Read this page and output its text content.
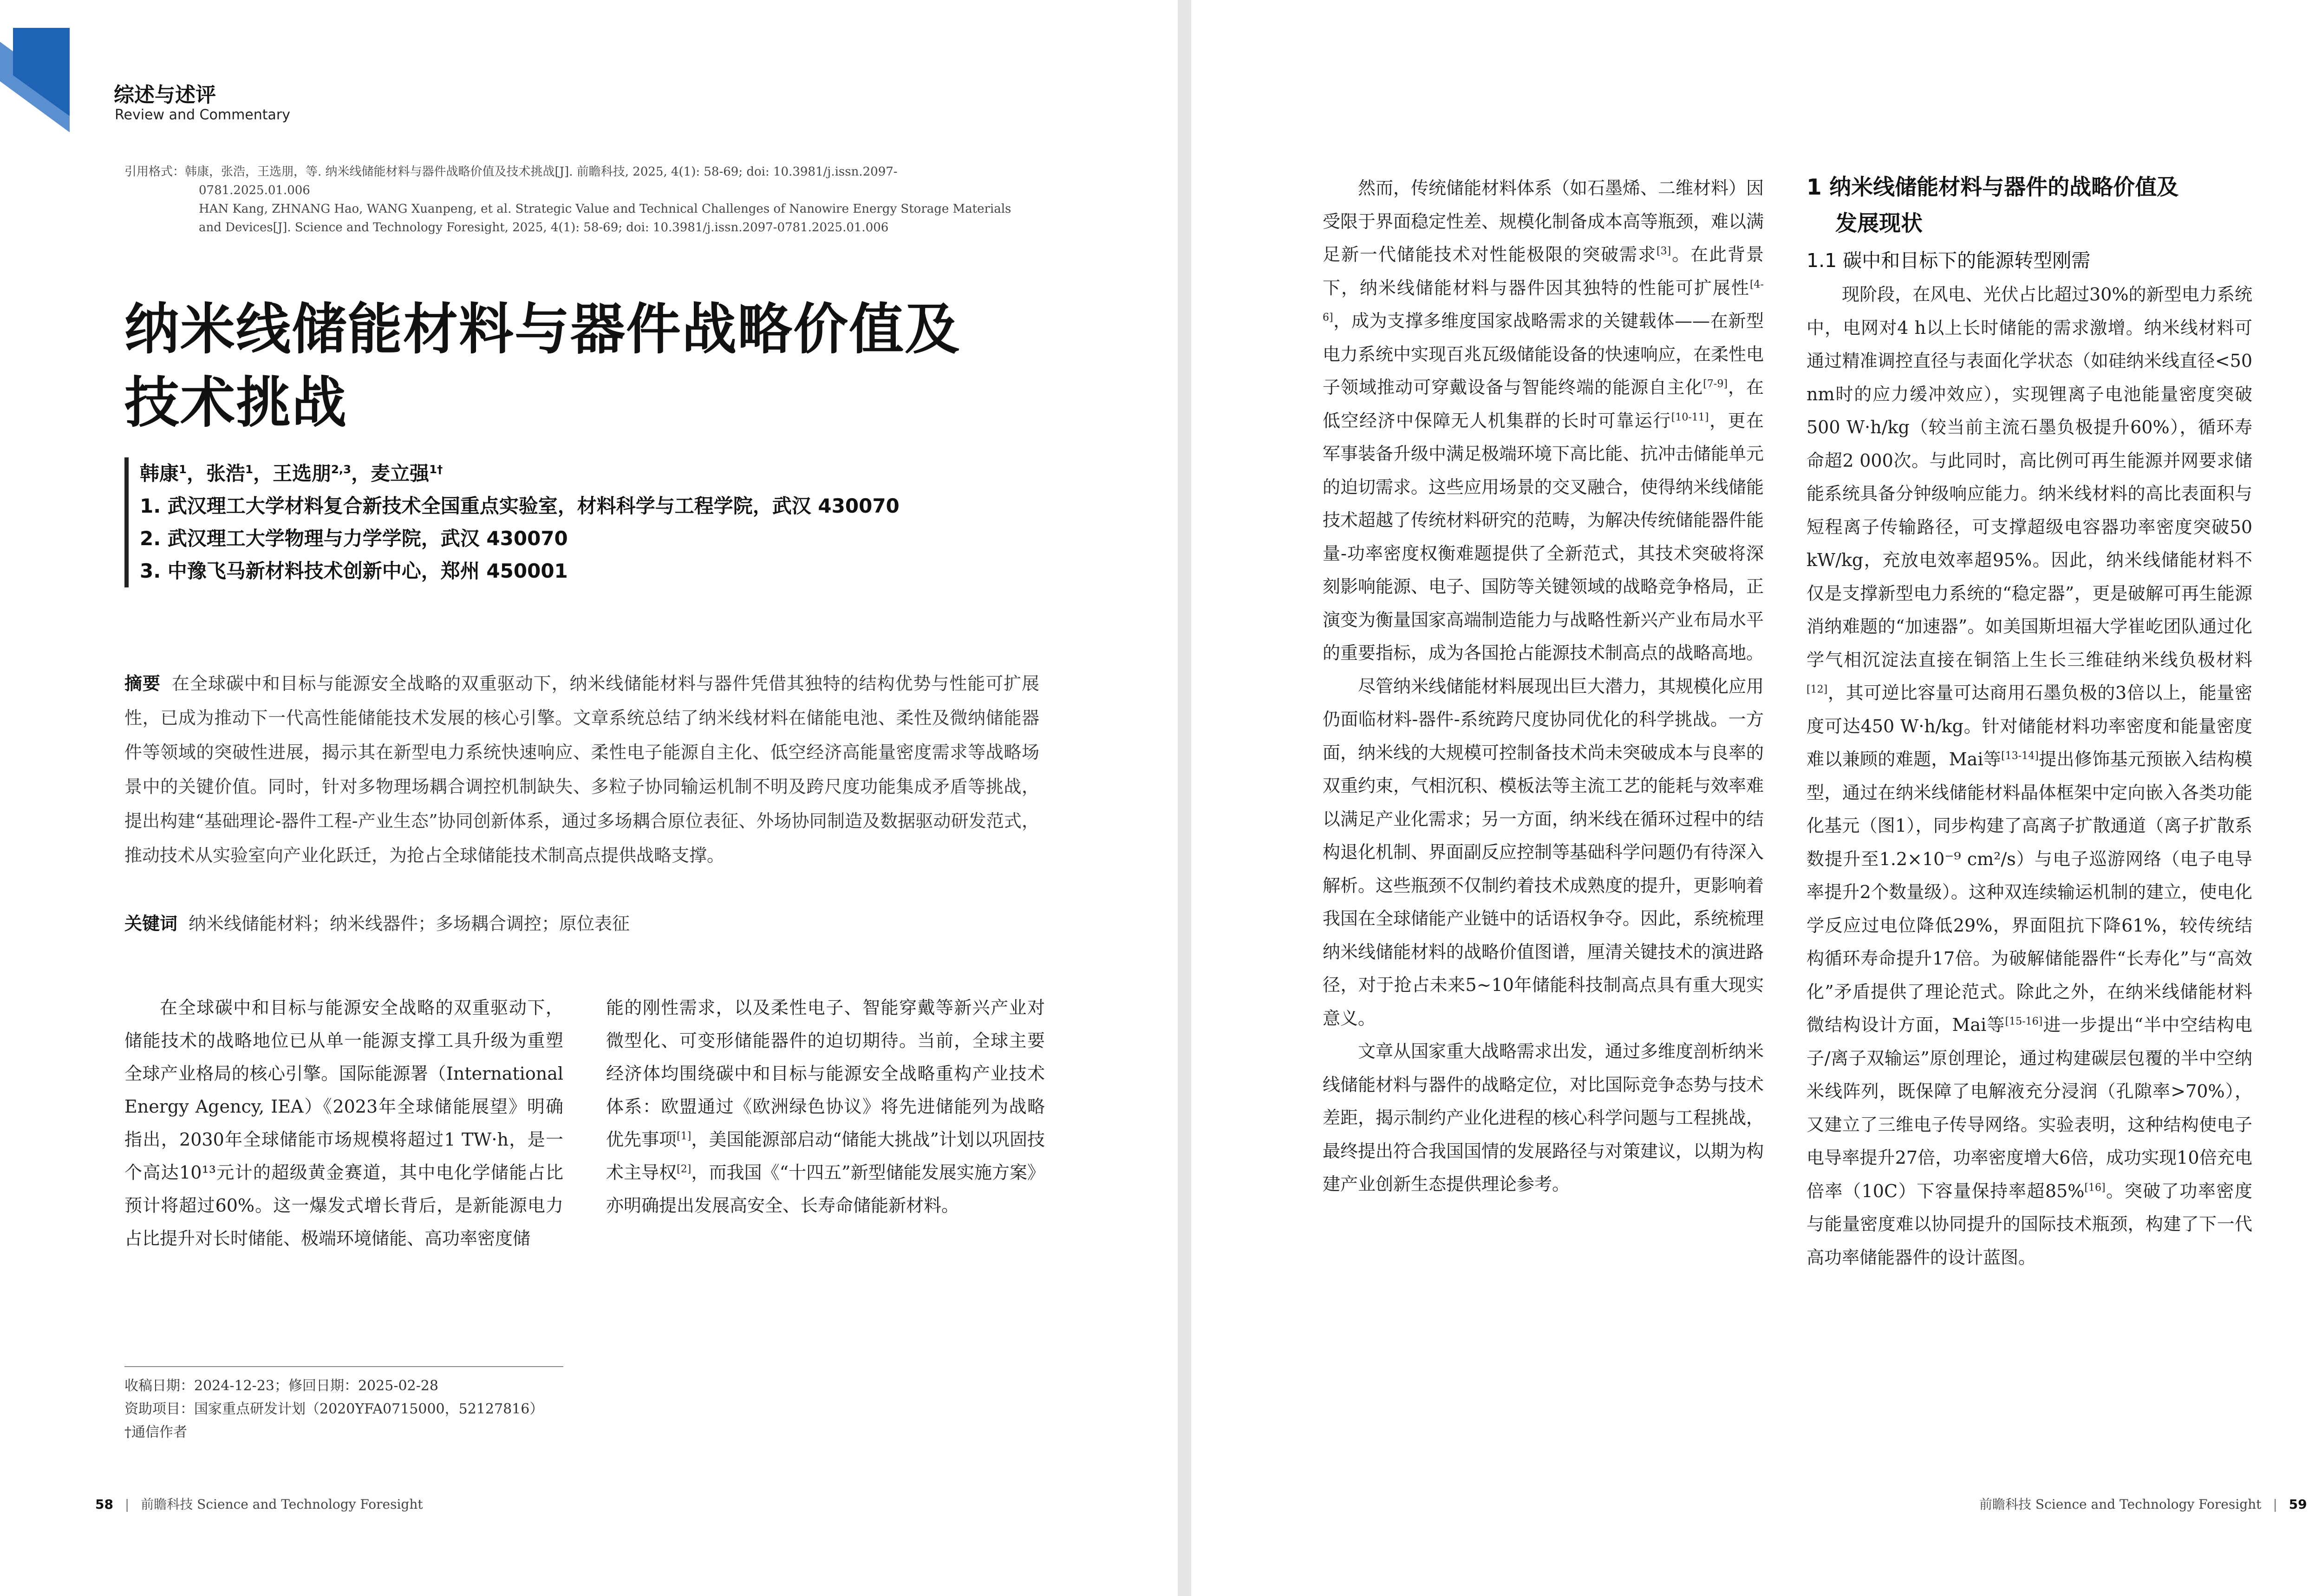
综述与述评
Review and Commentary
引用格式：韩康，张浩，王选朋，等. 纳米线储能材料与器件战略价值及技术挑战[J]. 前瞻科技, 2025, 4(1): 58-69; doi: 10.3981/j.issn.2097-
0781.2025.01.006
HAN Kang, ZHNANG Hao, WANG Xuanpeng, et al. Strategic Value and Technical Challenges of Nanowire Energy Storage Materials
and Devices[J]. Science and Technology Foresight, 2025, 4(1): 58-69; doi: 10.3981/j.issn.2097-0781.2025.01.006
纳米线储能材料与器件战略价值及
技术挑战
韩康$^1$，张浩$^1$，王选朋$^{2,3}$，麦立强$^{1\dagger}$
1. 武汉理工大学材料复合新技术全国重点实验室，材料科学与工程学院，武汉 430070
2. 武汉理工大学物理与力学学院，武汉 430070
3. 中豫飞马新材料技术创新中心，郑州 450001
摘要 在全球碳中和目标与能源安全战略的双重驱动下，纳米线储能材料与器件凭借其独特的结构优势与性能可扩展性，已成为推动下一代高性能储能技术发展的核心引擎。文章系统总结了纳米线材料在储能电池、柔性及微纳储能器件等领域的突破性进展，揭示其在新型电力系统快速响应、柔性电子能源自主化、低空经济高能量密度需求等战略场景中的关键价值。同时，针对多物理场耦合调控机制缺失、多粒子协同输运机制不明及跨尺度功能集成矛盾等挑战，提出构建“基础理论-器件工程-产业生态”协同创新体系，通过多场耦合原位表征、外场协同制造及数据驱动研发范式，推动技术从实验室向产业化跃迁，为抢占全球储能技术制高点提供战略支撑。
关键词 纳米线储能材料；纳米线器件；多场耦合调控；原位表征

在全球碳中和目标与能源安全战略的双重驱动下，储能技术的战略地位已从单一能源支撑工具升级为重塑全球产业格局的核心引擎。国际能源署（International Energy Agency, IEA）《2023年全球储能展望》明确指出，2030年全球储能市场规模将超过1 TW·h，是一个高达10¹³元计的超级黄金赛道，其中电化学储能占比预计将超过60%。这一爆发式增长背后，是新能源电力占比提升对长时储能、极端环境储能、高功率密度储

能的刚性需求，以及柔性电子、智能穿戴等新兴产业对微型化、可变形储能器件的迫切期待。当前，全球主要经济体均围绕碳中和目标与能源安全战略重构产业技术体系：欧盟通过《欧洲绿色协议》将先进储能列为战略优先事项[1]，美国能源部启动“储能大挑战”计划以巩固技术主导权[2]，而我国《“十四五”新型储能发展实施方案》亦明确提出发展高安全、长寿命储能新材料。

收稿日期：2024-12-23；修回日期：2025-02-28
资助项目：国家重点研发计划（2020YFA0715000，52127816）
†通信作者
58 | 前瞻科技 Science and Technology Foresight

然而，传统储能材料体系（如石墨烯、二维材料）因受限于界面稳定性差、规模化制备成本高等瓶颈，难以满足新一代储能技术对性能极限的突破需求[3]。在此背景下，纳米线储能材料与器件因其独特的性能可扩展性[4-6]，成为支撑多维度国家战略需求的关键载体——在新型电力系统中实现百兆瓦级储能设备的快速响应，在柔性电子领域推动可穿戴设备与智能终端的能源自主化[7-9]，在低空经济中保障无人机集群的长时可靠运行[10-11]，更在军事装备升级中满足极端环境下高比能、抗冲击储能单元的迫切需求。这些应用场景的交叉融合，使得纳米线储能技术超越了传统材料研究的范畴，为解决传统储能器件能量-功率密度权衡难题提供了全新范式，其技术突破将深刻影响能源、电子、国防等关键领域的战略竞争格局，正演变为衡量国家高端制造能力与战略性新兴产业布局水平的重要指标，成为各国抢占能源技术制高点的战略高地。

尽管纳米线储能材料展现出巨大潜力，其规模化应用仍面临材料-器件-系统跨尺度协同优化的科学挑战。一方面，纳米线的大规模可控制备技术尚未突破成本与良率的双重约束，气相沉积、模板法等主流工艺的能耗与效率难以满足产业化需求；另一方面，纳米线在循环过程中的结构退化机制、界面副反应控制等基础科学问题仍有待深入解析。这些瓶颈不仅制约着技术成熟度的提升，更影响着我国在全球储能产业链中的话语权争夺。因此，系统梳理纳米线储能材料的战略价值图谱，厘清关键技术的演进路径，对于抢占未来5~10年储能科技制高点具有重大现实意义。

文章从国家重大战略需求出发，通过多维度剖析纳米线储能材料与器件的战略定位，对比国际竞争态势与技术差距，揭示制约产业化进程的核心科学问题与工程挑战，最终提出符合我国国情的发展路径与对策建议，以期为构建产业创新生态提供理论参考。

1 纳米线储能材料与器件的战略价值及
发展现状
1.1 碳中和目标下的能源转型刚需

现阶段，在风电、光伏占比超过30%的新型电力系统中，电网对4 h以上长时储能的需求激增。纳米线材料可通过精准调控直径与表面化学状态（如硅纳米线直径<50 nm时的应力缓冲效应），实现锂离子电池能量密度突破500 W·h/kg（较当前主流石墨负极提升60%），循环寿命超2 000次。与此同时，高比例可再生能源并网要求储能系统具备分钟级响应能力。纳米线材料的高比表面积与短程离子传输路径，可支撑超级电容器功率密度突破50 kW/kg，充放电效率超95%。因此，纳米线储能材料不仅是支撑新型电力系统的“稳定器”，更是破解可再生能源消纳难题的“加速器”。如美国斯坦福大学崔屹团队通过化学气相沉淀法直接在铜箔上生长三维硅纳米线负极材料[12]，其可逆比容量可达商用石墨负极的3倍以上，能量密度可达450 W·h/kg。针对储能材料功率密度和能量密度难以兼顾的难题，Mai等[13-14]提出修饰基元预嵌入结构模型，通过在纳米线储能材料晶体框架中定向嵌入各类功能化基元（图1），同步构建了高离子扩散通道（离子扩散系数提升至1.2×10⁻⁹ cm²/s）与电子巡游网络（电子电导率提升2个数量级）。这种双连续输运机制的建立，使电化学反应过电位降低29%，界面阻抗下降61%，较传统结构循环寿命提升17倍。为破解储能器件“长寿化”与“高效化”矛盾提供了理论范式。除此之外，在纳米线储能材料微结构设计方面，Mai等[15-16]进一步提出“半中空结构电子/离子双输运”原创理论，通过构建碳层包覆的半中空纳米线阵列，既保障了电解液充分浸润（孔隙率>70%），又建立了三维电子传导网络。实验表明，这种结构使电子电导率提升27倍，功率密度增大6倍，成功实现10倍充电倍率（10C）下容量保持率超85%[16]。突破了功率密度与能量密度难以协同提升的国际技术瓶颈，构建了下一代高功率储能器件的设计蓝图。

前瞻科技 Science and Technology Foresight | 59
